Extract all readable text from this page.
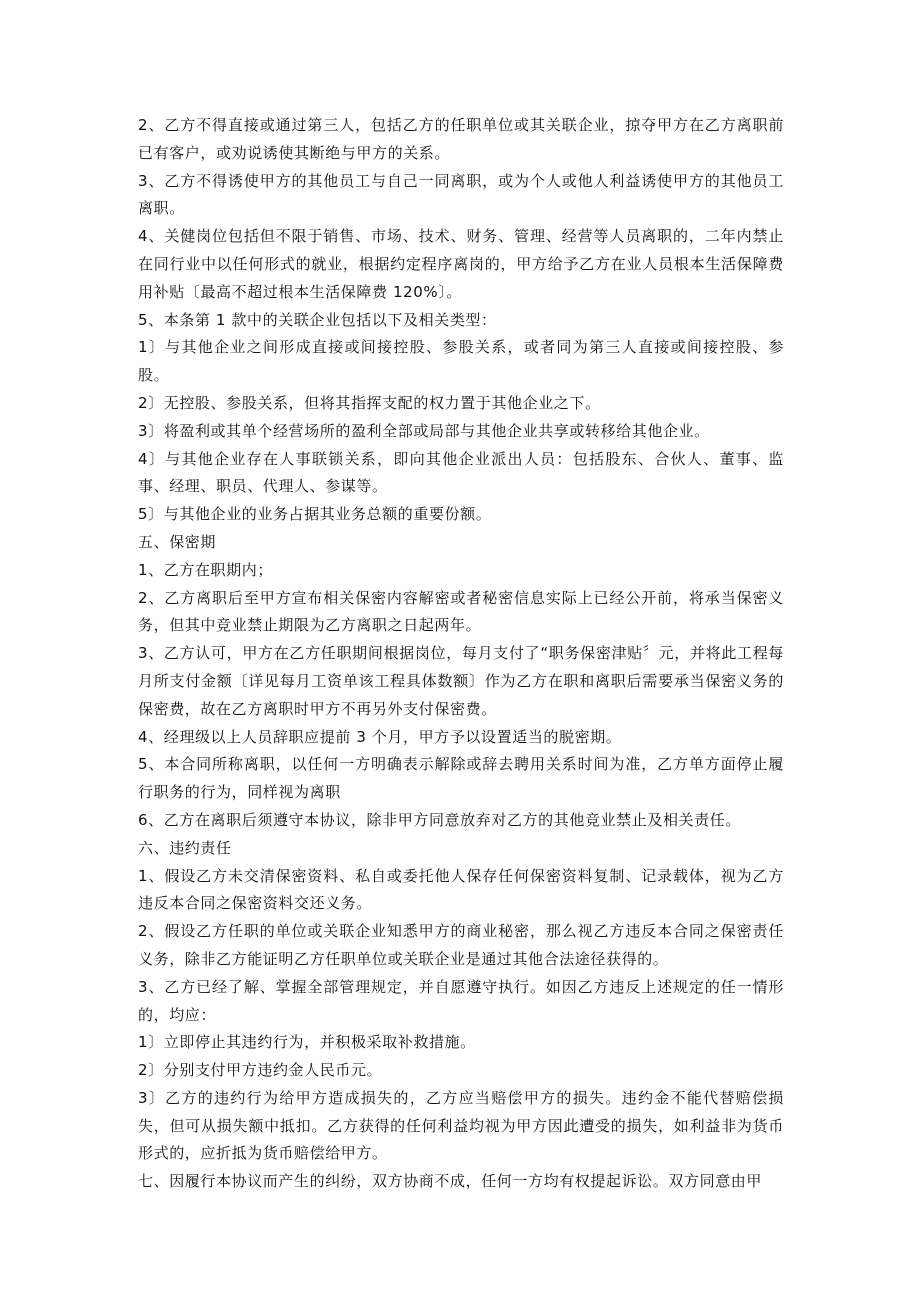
2、乙方不得直接或通过第三人，包括乙方的任职单位或其关联企业，掠夺甲方在乙方离职前已有客户，或劝说诱使其断绝与甲方的关系。

3、乙方不得诱使甲方的其他员工与自己一同离职，或为个人或他人利益诱使甲方的其他员工离职。

4、关健岗位包括但不限于销售、市场、技术、财务、管理、经营等人员离职的，二年内禁止在同行业中以任何形式的就业，根据约定程序离岗的，甲方给予乙方在业人员根本生活保障费用补贴〔最高不超过根本生活保障费 120%〕。

5、本条第 1 款中的关联企业包括以下及相关类型：

1〕与其他企业之间形成直接或间接控股、参股关系，或者同为第三人直接或间接控股、参股。

2〕无控股、参股关系，但将其指挥支配的权力置于其他企业之下。

3〕将盈利或其单个经营场所的盈利全部或局部与其他企业共享或转移给其他企业。

4〕与其他企业存在人事联锁关系，即向其他企业派出人员：包括股东、合伙人、董事、监事、经理、职员、代理人、参谋等。

5〕与其他企业的业务占据其业务总额的重要份额。

五、保密期

1、乙方在职期内；

2、乙方离职后至甲方宣布相关保密内容解密或者秘密信息实际上已经公开前，将承当保密义务，但其中竞业禁止期限为乙方离职之日起两年。

3、乙方认可，甲方在乙方任职期间根据岗位，每月支付了“职务保密津贴〞元，并将此工程每月所支付金额〔详见每月工资单该工程具体数额〕作为乙方在职和离职后需要承当保密义务的保密费，故在乙方离职时甲方不再另外支付保密费。

4、经理级以上人员辞职应提前 3 个月，甲方予以设置适当的脱密期。

5、本合同所称离职，以任何一方明确表示解除或辞去聘用关系时间为准，乙方单方面停止履行职务的行为，同样视为离职

6、乙方在离职后须遵守本协议，除非甲方同意放弃对乙方的其他竞业禁止及相关责任。

六、违约责任

1、假设乙方未交清保密资料、私自或委托他人保存任何保密资料复制、记录载体，视为乙方违反本合同之保密资料交还义务。

2、假设乙方任职的单位或关联企业知悉甲方的商业秘密，那么视乙方违反本合同之保密责任义务，除非乙方能证明乙方任职单位或关联企业是通过其他合法途径获得的。

3、乙方已经了解、掌握全部管理规定，并自愿遵守执行。如因乙方违反上述规定的任一情形的，均应：

1〕立即停止其违约行为，并积极采取补救措施。

2〕分别支付甲方违约金人民币元。

3〕乙方的违约行为给甲方造成损失的，乙方应当赔偿甲方的损失。违约金不能代替赔偿损失，但可从损失额中抵扣。乙方获得的任何利益均视为甲方因此遭受的损失，如利益非为货币形式的，应折抵为货币赔偿给甲方。

七、因履行本协议而产生的纠纷，双方协商不成，任何一方均有权提起诉讼。双方同意由甲
